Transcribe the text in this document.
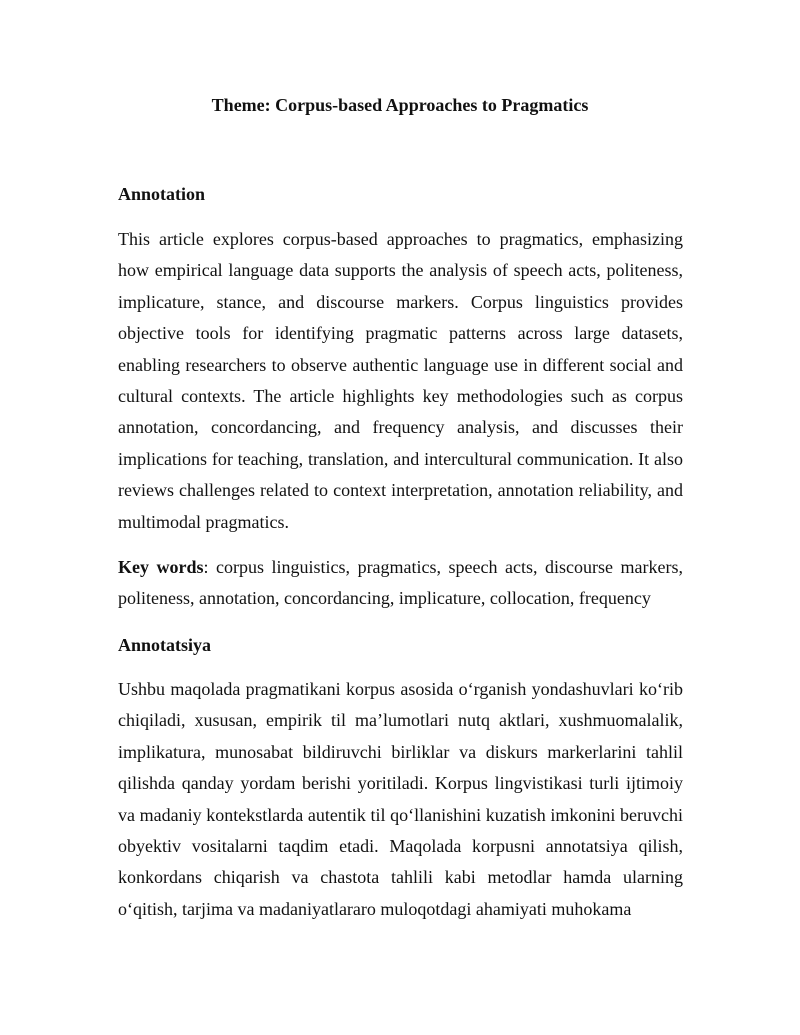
Theme: Corpus-based Approaches to Pragmatics
Annotation

This article explores corpus-based approaches to pragmatics, emphasizing how empirical language data supports the analysis of speech acts, politeness, implicature, stance, and discourse markers. Corpus linguistics provides objective tools for identifying pragmatic patterns across large datasets, enabling researchers to observe authentic language use in different social and cultural contexts. The article highlights key methodologies such as corpus annotation, concordancing, and frequency analysis, and discusses their implications for teaching, translation, and intercultural communication. It also reviews challenges related to context interpretation, annotation reliability, and multimodal pragmatics.

Key words: corpus linguistics, pragmatics, speech acts, discourse markers, politeness, annotation, concordancing, implicature, collocation, frequency

Annotatsiya

Ushbu maqolada pragmatikani korpus asosida oʻrganish yondashuvlari koʻrib chiqiladi, xususan, empirik til maʼlumotlari nutq aktlari, xushmuomalalik, implikatura, munosabat bildiruvchi birliklar va diskurs markerlarini tahlil qilishda qanday yordam berishi yoritiladi. Korpus lingvistikasi turli ijtimoiy va madaniy kontekstlarda autentik til qoʻllanishini kuzatish imkonini beruvchi obyektiv vositalarni taqdim etadi. Maqolada korpusni annotatsiya qilish, konkordans chiqarish va chastota tahlili kabi metodlar hamda ularning oʻqitish, tarjima va madaniyatlararo muloqotdagi ahamiyati muhokama
